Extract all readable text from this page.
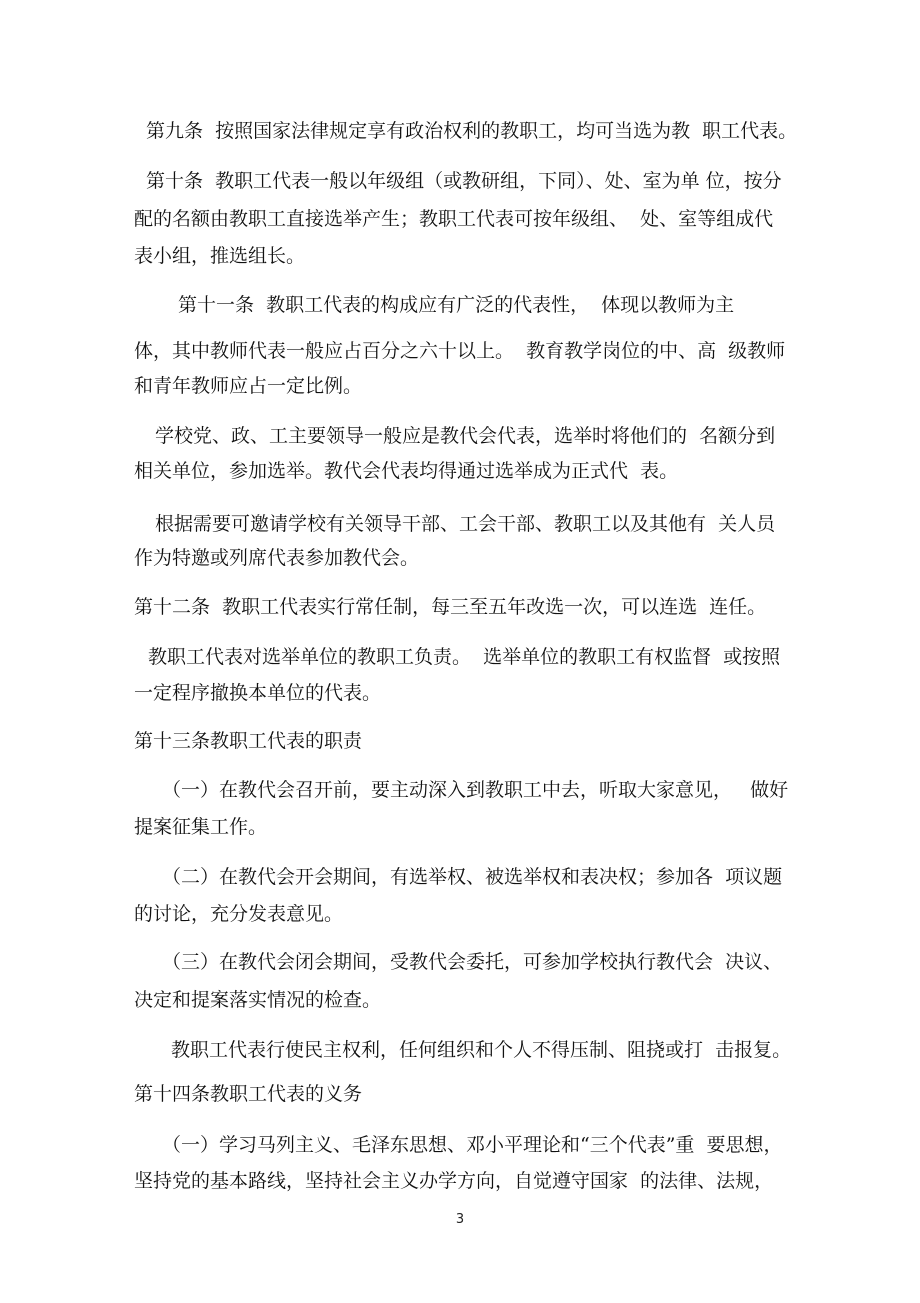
第九条  按照国家法律规定享有政治权利的教职工，均可当选为教  职工代表。
第十条  教职工代表一般以年级组（或教研组，下同）、处、室为单 位，按分
配的名额由教职工直接选举产生；教职工代表可按年级组、  处、室等组成代
表小组，推选组长。
第十一条  教职工代表的构成应有广泛的代表性，  体现以教师为主
体，其中教师代表一般应占百分之六十以上。  教育教学岗位的中、高  级教师
和青年教师应占一定比例。
学校党、政、工主要领导一般应是教代会代表，选举时将他们的  名额分到
相关单位，参加选举。教代会代表均得通过选举成为正式代  表。
根据需要可邀请学校有关领导干部、工会干部、教职工以及其他有  关人员
作为特邀或列席代表参加教代会。
第十二条  教职工代表实行常任制，每三至五年改选一次，可以连选  连任。
教职工代表对选举单位的教职工负责。  选举单位的教职工有权监督  或按照
一定程序撤换本单位的代表。
第十三条教职工代表的职责
（一）在教代会召开前，要主动深入到教职工中去，听取大家意见，   做好
提案征集工作。
（二）在教代会开会期间，有选举权、被选举权和表决权；参加各  项议题
的讨论，充分发表意见。
（三）在教代会闭会期间，受教代会委托，可参加学校执行教代会  决议、
决定和提案落实情况的检查。
教职工代表行使民主权利，任何组织和个人不得压制、阻挠或打  击报复。
第十四条教职工代表的义务
（一）学习马列主义、毛泽东思想、邓小平理论和“三个代表”重  要思想，
坚持党的基本路线，坚持社会主义办学方向，自觉遵守国家  的法律、法规，
3
